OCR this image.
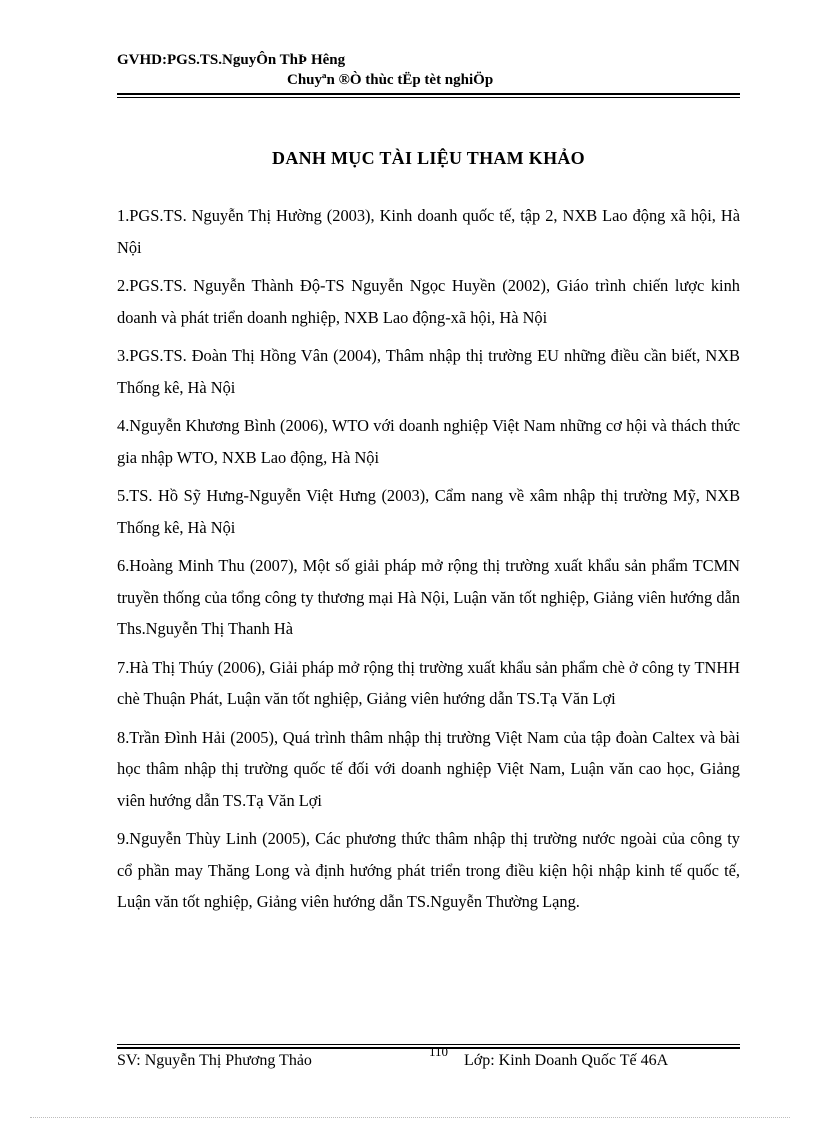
GVHD:PGS.TS.NguyÔn ThÞ Hêng

Chuyªn ®Ò thùc tËp tèt nghiÖp

DANH MỤC TÀI LIỆU THAM KHẢO
1.PGS.TS. Nguyễn Thị Hường (2003), Kinh doanh quốc tế, tập 2, NXB Lao động xã hội, Hà Nội
2.PGS.TS. Nguyễn Thành Độ-TS Nguyễn Ngọc Huyền (2002), Giáo trình chiến lược kinh doanh và phát triển doanh nghiệp, NXB Lao động-xã hội, Hà Nội
3.PGS.TS. Đoàn Thị Hồng Vân (2004), Thâm nhập thị trường EU những điều cần biết, NXB Thống kê, Hà Nội
4.Nguyễn Khương Bình (2006), WTO với doanh nghiệp Việt Nam những cơ hội và thách thức gia nhập WTO, NXB Lao động, Hà Nội
5.TS. Hồ Sỹ Hưng-Nguyễn Việt Hưng (2003), Cẩm nang về xâm nhập thị trường Mỹ, NXB Thống kê, Hà Nội
6.Hoàng Minh Thu (2007), Một số giải pháp mở rộng thị trường xuất khẩu sản phẩm TCMN truyền thống của tổng công ty thương mại Hà Nội, Luận văn tốt nghiệp, Giảng viên hướng dẫn Ths.Nguyễn Thị Thanh Hà
7.Hà Thị Thúy (2006), Giải pháp mở rộng thị trường xuất khẩu sản phẩm chè ở công ty TNHH chè Thuận Phát, Luận văn tốt nghiệp, Giảng viên hướng dẫn TS.Tạ Văn Lợi
8.Trần Đình Hải (2005), Quá trình thâm nhập thị trường Việt Nam của tập đoàn Caltex và bài học thâm nhập thị trường quốc tế đối với doanh nghiệp Việt Nam, Luận văn cao học, Giảng viên hướng dẫn TS.Tạ Văn Lợi
9.Nguyễn Thùy Linh (2005), Các phương thức thâm nhập thị trường nước ngoài của công ty cổ phần may Thăng Long và định hướng phát triển trong điều kiện hội nhập kinh tế quốc tế, Luận văn tốt nghiệp, Giảng viên hướng dẫn TS.Nguyễn Thường Lạng.
SV: Nguyễn Thị Phương Thảo
110
Lớp: Kinh Doanh Quốc Tế 46A
